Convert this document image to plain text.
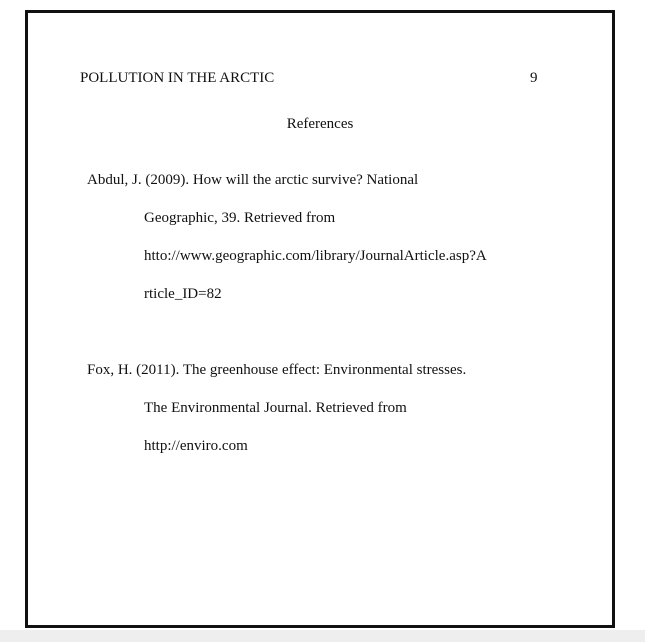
POLLUTION IN THE ARCTIC	9
References
Abdul, J. (2009). How will the arctic survive? National
Geographic, 39. Retrieved from
httо://www.geographic.com/library/JournalArticle.asp?A
rticle_ID=82
Fox, H. (2011). The greenhouse effect: Environmental stresses.
The Environmental Journal. Retrieved from
http://enviro.com
